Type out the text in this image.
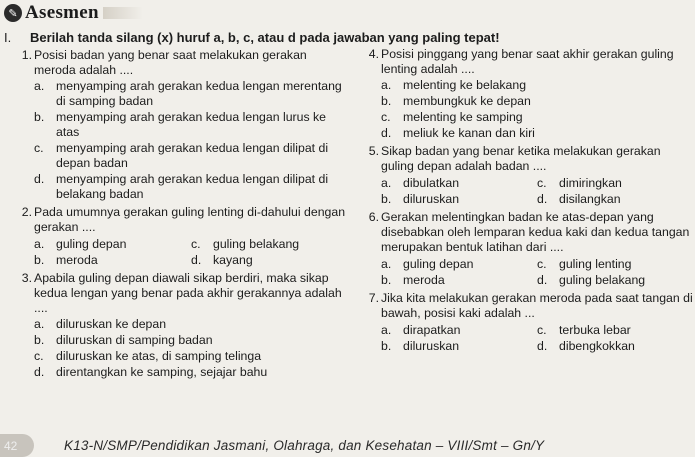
✎ Asesmen
I. Berilah tanda silang (x) huruf a, b, c, atau d pada jawaban yang paling tepat!
1. Posisi badan yang benar saat melakukan gerakan meroda adalah ....
a. menyamping arah gerakan kedua lengan merentang di samping badan
b. menyamping arah gerakan kedua lengan lurus ke atas
c. menyamping arah gerakan kedua lengan dilipat di depan badan
d. menyamping arah gerakan kedua lengan dilipat di belakang badan
2. Pada umumnya gerakan guling lenting di-dahului dengan gerakan ....
a. guling depan	c. guling belakang
b. meroda	d. kayang
3. Apabila guling depan diawali sikap berdiri, maka sikap kedua lengan yang benar pada akhir gerakannya adalah ....
a. diluruskan ke depan
b. diluruskan di samping badan
c. diluruskan ke atas, di samping telinga
d. direntangkan ke samping, sejajar bahu
4. Posisi pinggang yang benar saat akhir gerakan guling lenting adalah ....
a. melenting ke belakang
b. membungkuk ke depan
c. melenting ke samping
d. meliuk ke kanan dan kiri
5. Sikap badan yang benar ketika melakukan gerakan guling depan adalah badan ....
a. dibulatkan	c. dimiringkan
b. diluruskan	d. disilangkan
6. Gerakan melentingkan badan ke atas-depan yang disebabkan oleh lemparan kedua kaki dan kedua tangan merupakan bentuk latihan dari ....
a. guling depan	c. guling lenting
b. meroda	d. guling belakang
7. Jika kita melakukan gerakan meroda pada saat tangan di bawah, posisi kaki adalah ...
a. dirapatkan	c. terbuka lebar
b. diluruskan	d. dibengkokkan
42	K13-N/SMP/Pendidikan Jasmani, Olahraga, dan Kesehatan – VIII/Smt – Gn/Y
